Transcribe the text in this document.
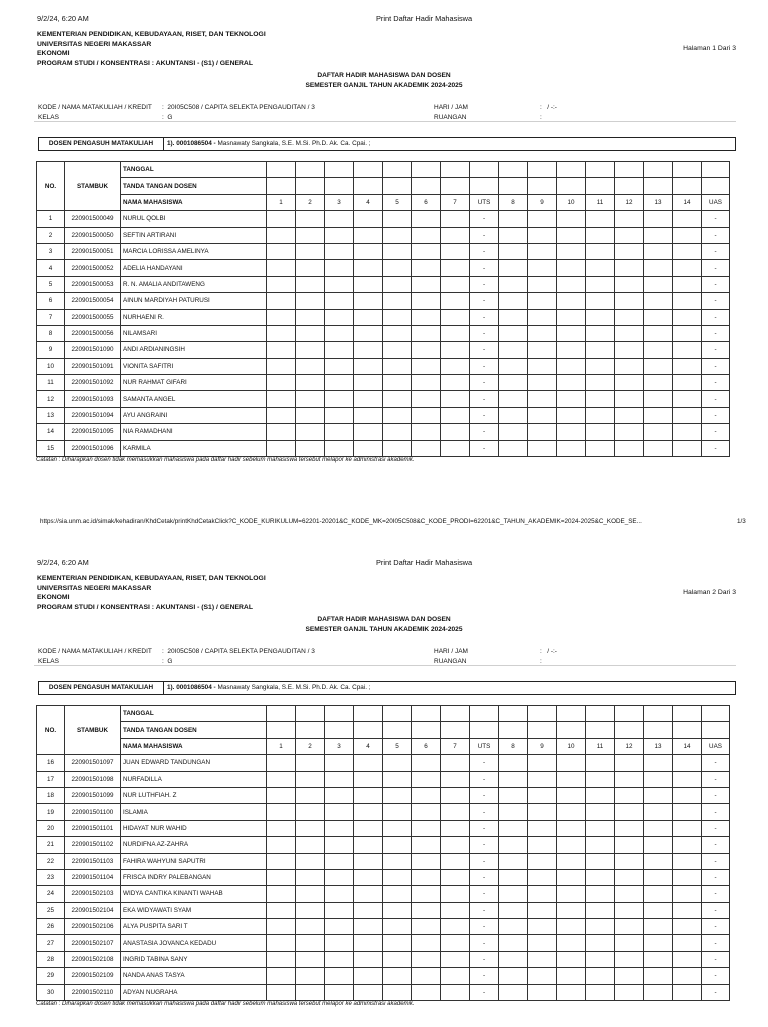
9/2/24, 6:20 AM	Print Daftar Hadir Mahasiswa
KEMENTERIAN PENDIDIKAN, KEBUDAYAAN, RISET, DAN TEKNOLOGI
UNIVERSITAS NEGERI MAKASSAR
EKONOMI
PROGRAM STUDI / KONSENTRASI : AKUNTANSI - (S1) / GENERAL
Halaman 1 Dari 3
DAFTAR HADIR MAHASISWA DAN DOSEN
SEMESTER GANJIL TAHUN AKADEMIK 2024-2025
KODE / NAMA MATAKULIAH / KREDIT :  20I05C508 / CAPITA SELEKTA PENGAUDITAN / 3
KELAS	:  G
HARI / JAM	:   / -:-
RUANGAN	:
DOSEN PENGASUH MATAKULIAH	1). 0001086504 - Masnawaty Sangkala, S.E. M.Si. Ph.D. Ak. Ca. Cpai. ;
NO.	STAMBUK	TANGGAL																
		TANDA TANGAN DOSEN																
		NAMA MAHASISWA	1	2	3	4	5	6	7	UTS	8	9	10	11	12	13	14	UAS
1	220901500049	NURUL QOLBI								-								-
2	220901500050	SEFTIN ARTIRANI								-								-
3	220901500051	MARCIA LORISSA AMELINYA								-								-
4	220901500052	ADELIA HANDAYANI								-								-
5	220901500053	R. N. AMALIA ANDITAWENG								-								-
6	220901500054	AINUN MARDIYAH PATURUSI								-								-
7	220901500055	NURHAENI R.								-								-
8	220901500056	NILAMSARI								-								-
9	220901501090	ANDI ARDIANINGSIH								-								-
10	220901501091	VIONITA SAFITRI								-								-
11	220901501092	NUR RAHMAT GIFARI								-								-
12	220901501093	SAMANTA ANGEL								-								-
13	220901501094	AYU ANGRAINI								-								-
14	220901501095	NIA RAMADHANI								-								-
15	220901501096	KARMILA								-								-
Catatan : Diharapkan dosen tidak memasukkan mahasiswa pada daftar hadir sebelum mahasiswa tersebut melapor ke administrasi akademik.
https://sia.unm.ac.id/simak/kehadiran/KhdCetak/printKhdCetakClick?C_KODE_KURIKULUM=62201-20201&C_KODE_MK=20I05C508&C_KODE_PRODI=62201&C_TAHUN_AKADEMIK=2024-2025&C_KODE_SE...	1/3
9/2/24, 6:20 AM	Print Daftar Hadir Mahasiswa
KEMENTERIAN PENDIDIKAN, KEBUDAYAAN, RISET, DAN TEKNOLOGI
UNIVERSITAS NEGERI MAKASSAR
EKONOMI
PROGRAM STUDI / KONSENTRASI : AKUNTANSI - (S1) / GENERAL
Halaman 2 Dari 3
DAFTAR HADIR MAHASISWA DAN DOSEN
SEMESTER GANJIL TAHUN AKADEMIK 2024-2025
KODE / NAMA MATAKULIAH / KREDIT :  20I05C508 / CAPITA SELEKTA PENGAUDITAN / 3
KELAS	:  G
HARI / JAM	:   / -:-
RUANGAN	:
DOSEN PENGASUH MATAKULIAH	1). 0001086504 - Masnawaty Sangkala, S.E. M.Si. Ph.D. Ak. Ca. Cpai. ;
NO.	STAMBUK	TANGGAL																
		TANDA TANGAN DOSEN																
		NAMA MAHASISWA	1	2	3	4	5	6	7	UTS	8	9	10	11	12	13	14	UAS
16	220901501097	JUAN EDWARD TANDUNGAN								-								-
17	220901501098	NURFADILLA								-								-
18	220901501099	NUR LUTHFIAH. Z								-								-
19	220901501100	ISLAMIA								-								-
20	220901501101	HIDAYAT NUR WAHID								-								-
21	220901501102	NURDIFNA AZ-ZAHRA								-								-
22	220901501103	FAHIRA WAHYUNI SAPUTRI								-								-
23	220901501104	FRISCA INDRY PALEBANGAN								-								-
24	220901502103	WIDYA CANTIKA KINANTI WAHAB								-								-
25	220901502104	EKA WIDYAWATI SYAM								-								-
26	220901502106	ALYA PUSPITA SARI T								-								-
27	220901502107	ANASTASIA JOVANCA KEDADU								-								-
28	220901502108	INGRID TABINA SANY								-								-
29	220901502109	NANDA ANAS TASYA								-								-
30	220901502110	ADYAN NUGRAHA								-								-
Catatan : Diharapkan dosen tidak memasukkan mahasiswa pada daftar hadir sebelum mahasiswa tersebut melapor ke administrasi akademik.
